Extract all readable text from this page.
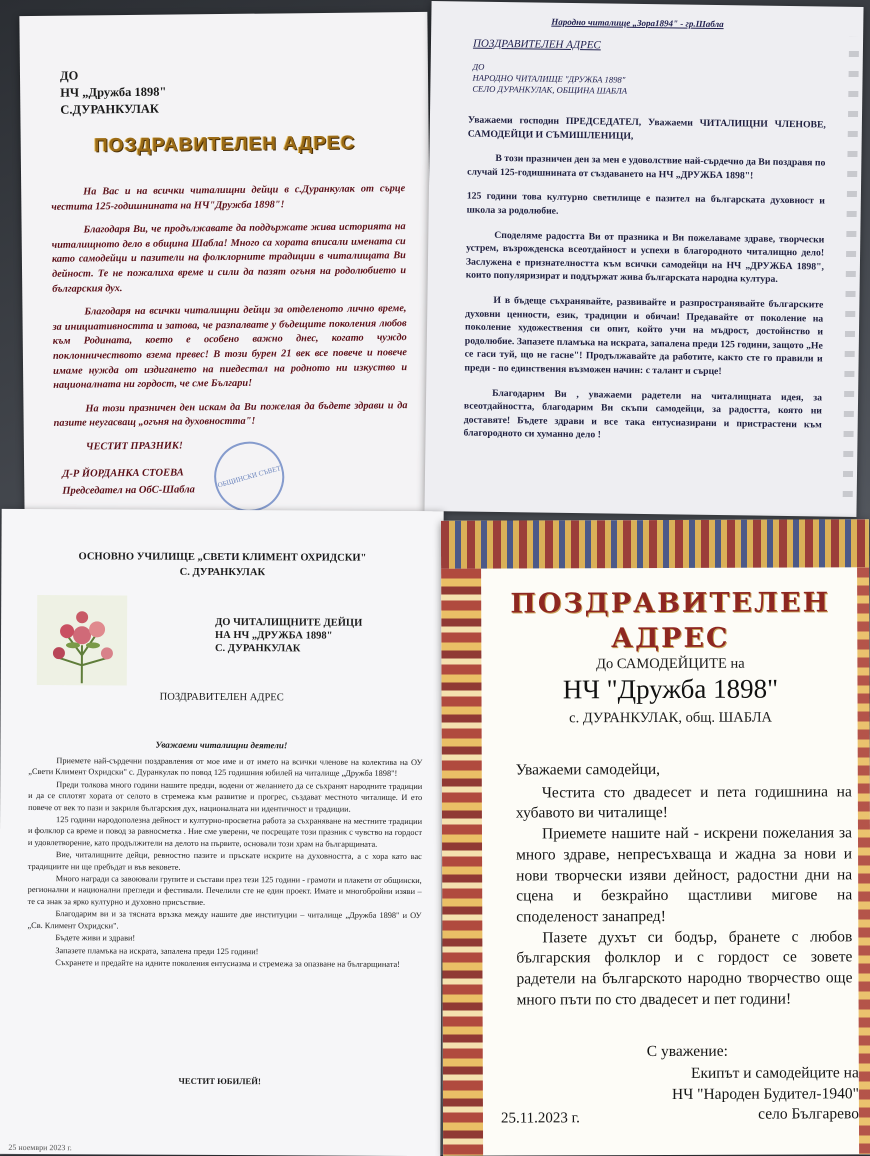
ДО
НЧ „Дружба 1898"
С.ДУРАНКУЛАК
ПОЗДРАВИТЕЛЕН АДРЕС

На Вас и на всички читалищни дейци в с.Дуранкулак от сърце честита 125-годишнината на НЧ"Дружба 1898"!

Благодаря Ви, че продължавате да поддържате жива историята на читалищното дело в община Шабла! Много са хората вписали имената си като самодейци и пазители на фолклорните традиции в читалищата Ви дейност. Те не пожалиха време и сили да пазят огъня на родолюбието и българския дух.

Благодаря на всички читалищни дейци за отделеното лично време, за инициативността и затова, че разпалвате у бъдещите поколения любов към Родината, което е особено важно днес, когато чуждо поклонничеството взема превес! В този бурен 21 век все повече и повече имаме нужда от издигането на пиедестал на родното ни изкуство и националната ни гордост, че сме Българи!

На този празничен ден искам да Ви пожелая да бъдете здрави и да пазите неугасващ „огъня на духовността"!

ЧЕСТИТ ПРАЗНИК!

ОБЩИНСКИ СЪВЕТ
Д-Р ЙОРДАНКА СТОЕВА
Председател на ОбС-Шабла
Народно читалище „Зора1894" - гр.Шабла
ПОЗДРАВИТЕЛЕН АДРЕС
ДО
НАРОДНО ЧИТАЛИЩЕ "ДРУЖБА 1898"
СЕЛО ДУРАНКУЛАК, ОБЩИНА ШАБЛА

Уважаеми господин ПРЕДСЕДАТЕЛ, Уважаеми ЧИТАЛИЩНИ ЧЛЕНОВЕ, САМОДЕЙЦИ И СЪМИШЛЕНИЦИ,

В този празничен ден за мен е удоволствие най-сърдечно да Ви поздравя по случай 125-годишнината от създаването на НЧ „ДРУЖБА 1898"!

125 години това културно светилище е пазител на българската духовност и школа за родолюбие.

Споделяме радостта Ви от празника и Ви пожелаваме здраве, творчески устрем, възрожденска всеотдайност и успехи в благородното читалищно дело! Заслужена е признателността към всички самодейци на НЧ „ДРУЖБА 1898", които популяризират и поддържат жива българската народна култура.

И в бъдеще съхранявайте, развивайте и разпространявайте българските духовни ценности, език, традиции и обичаи! Предавайте от поколение на поколение художествения си опит, който учи на мъдрост, достойнство и родолюбие. Запазете пламъка на искрата, запалена преди 125 години, защото „Не се гаси туй, що не гасне"! Продължавайте да работите, както сте го правили и преди - по единствения възможен начин: с талант и сърце!

Благодарим Ви , уважаеми радетели на читалищната идея, за всеотдайността, благодарим Ви скъпи самодейци, за радостта, която ни доставяте! Бъдете здрави и все така ентусиазирани и пристрастени към благородното си хуманно дело !

ОСНОВНО УЧИЛИЩЕ „СВЕТИ КЛИМЕНТ ОХРИДСКИ"
С. ДУРАНКУЛАК
ДО ЧИТАЛИЩНИТЕ ДЕЙЦИ
НА НЧ „ДРУЖБА 1898"
С. ДУРАНКУЛАК
ПОЗДРАВИТЕЛЕН АДРЕС
Уважаеми читалищни деятели!

Приемете най-сърдечни поздравления от мое име и от името на всички членове на колектива на ОУ „Свети Климент Охридски" с. Дуранкулак по повод 125 годишния юбилей на читалище „Дружба 1898"!

Преди толкова много години нашите предци, водени от желанието да се съхранят народните традиции и да се сплотят хората от селото в стремежа към развитие и прогрес, създават местното читалище. И ето повече от век то пази и закриля българския дух, националната ни идентичност и традиции.

125 години народополезна дейност и културно-просветна работа за съхраняване на местните традиции и фолклор са време и повод за равносметка . Ние сме уверени, че посрещате този празник с чувство на гордост и удовлетворение, като продължители на делото на първите, основали този храм на българщината.

Вие, читалищните дейци, ревностно пазите и пръскате искрите на духовността, а с хора като вас традициите ни ще пребъдат и във вековете.

Много награди са завоювали групите и състави през тези 125 години - грамоти и плакети от общински, регионални и национални прегледи и фестивали. Печелили сте не един проект. Имате и многобройни изяви – те са знак за ярко културно и духовно присъствие.

Благодарим ви и за тясната връзка между нашите две институции – читалище „Дружба 1898" и ОУ „Св. Климент Охридски".

Бъдете живи и здрави!

Запазете пламъка на искрата, запалена преди 125 години!

Съхранете и предайте на идните поколения ентусиазма и стремежа за опазване на българщината!

ЧЕСТИТ ЮБИЛЕЙ!
25 ноември 2023 г.
ПОЗДРАВИТЕЛЕН
АДРЕС
До САМОДЕЙЦИТЕ на
НЧ "Дружба 1898"
с. ДУРАНКУЛАК, общ. ШАБЛА

Уважаеми самодейци,

Честита сто двадесет и пета годишнина на хубавото ви читалище!

Приемете нашите най - искрени пожелания за много здраве, непресъхваща и жадна за нови и нови творчески изяви дейност, радостни дни на сцена и безкрайно щастливи мигове на споделеност занапред!

Пазете духът си бодър, бранете с любов българския фолклор и с гордост се зовете радетели на българското народно творчество още много пъти по сто двадесет и пет години!

С уважение:
Екипът и самодейците на
НЧ "Народен Будител-1940"
село Българево
25.11.2023 г.
